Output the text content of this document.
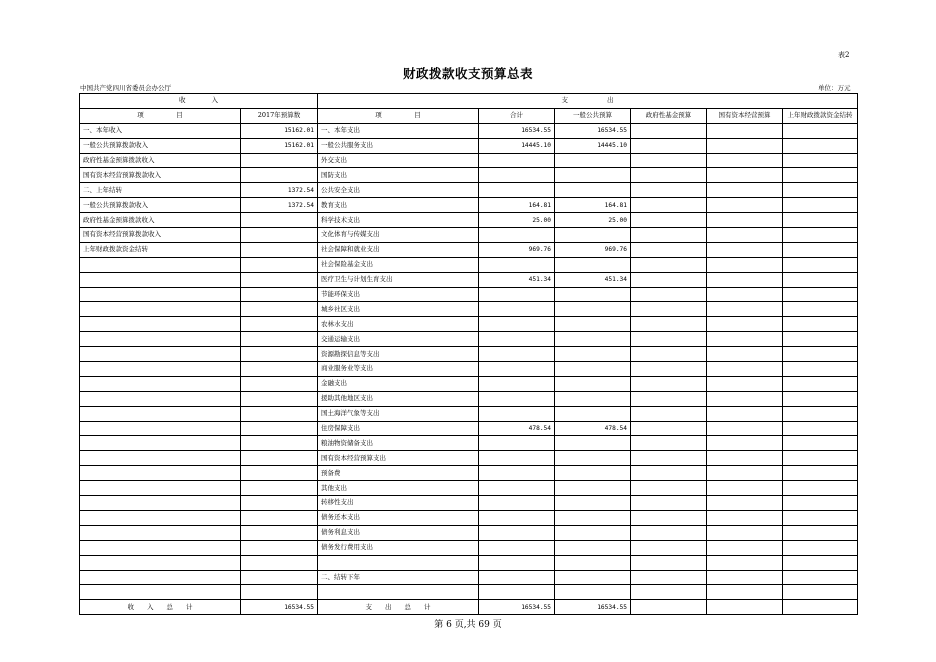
表2
财政拨款收支预算总表
中国共产党四川省委员会办公厅	单位：万元
收　　　　入		支　　　　　　出					
项　　　　　目	2017年预算数	项　　　　　目	合计	一般公共预算	政府性基金预算	国有资本经营预算	上年财政拨款资金结转
一、本年收入	15162.01	一、本年支出	16534.55	16534.55			
一般公共预算拨款收入	15162.01	一般公共服务支出	14445.10	14445.10			
政府性基金预算拨款收入		外交支出					
国有资本经营预算拨款收入		国防支出					
二、上年结转	1372.54	公共安全支出					
一般公共预算拨款收入	1372.54	教育支出	164.81	164.81			
政府性基金预算拨款收入		科学技术支出	25.00	25.00			
国有资本经营预算拨款收入		文化体育与传媒支出					
上年财政拨款资金结转		社会保障和就业支出	969.76	969.76			
		社会保险基金支出					
		医疗卫生与计划生育支出	451.34	451.34			
		节能环保支出					
		城乡社区支出					
		农林水支出					
		交通运输支出					
		资源勘探信息等支出					
		商业服务业等支出					
		金融支出					
		援助其他地区支出					
		国土海洋气象等支出					
		住房保障支出	478.54	478.54			
		粮油物资储备支出					
		国有资本经营预算支出					
		预备费					
		其他支出					
		转移性支出					
		债务还本支出					
		债务利息支出					
		债务发行费用支出					

		二、结转下年					

收　　入　　总　　计	16534.55	支　　出　　总　　计	16534.55	16534.55			
第 6 页,共 69 页
